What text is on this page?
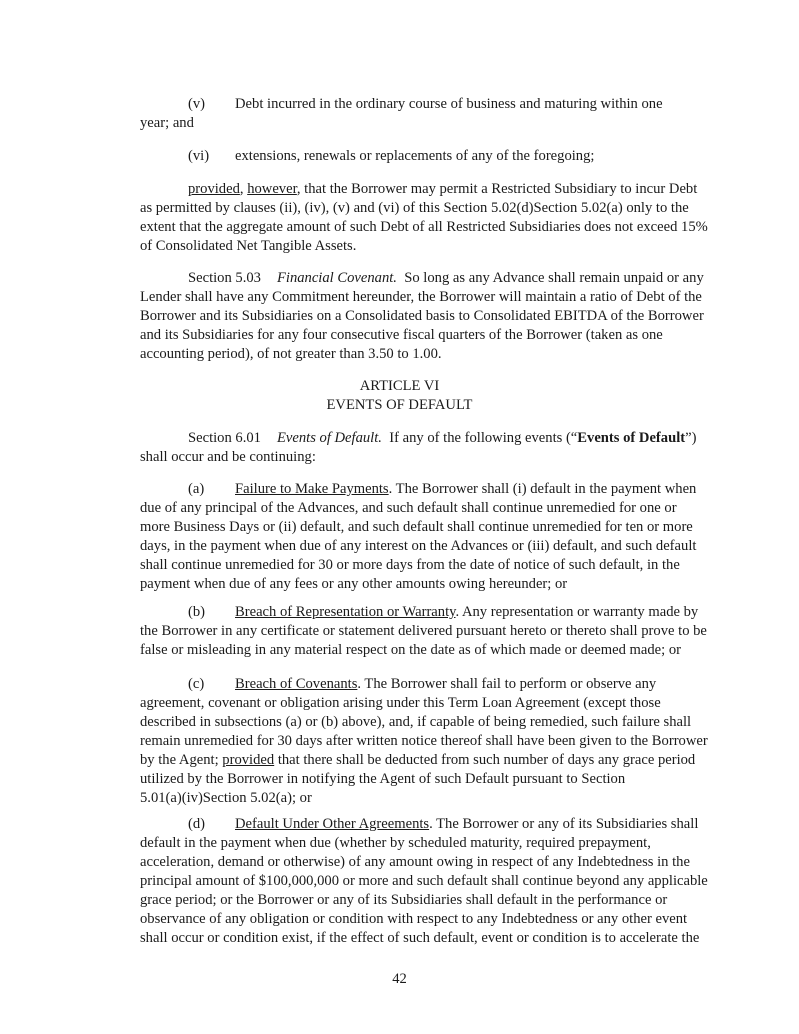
(v) Debt incurred in the ordinary course of business and maturing within one
year; and
(vi) extensions, renewals or replacements of any of the foregoing;
provided, however, that the Borrower may permit a Restricted Subsidiary to incur Debt
as permitted by clauses (ii), (iv), (v) and (vi) of this Section 5.02(d)Section 5.02(a) only to the
extent that the aggregate amount of such Debt of all Restricted Subsidiaries does not exceed 15%
of Consolidated Net Tangible Assets.
Section 5.03 Financial Covenant. So long as any Advance shall remain unpaid or any
Lender shall have any Commitment hereunder, the Borrower will maintain a ratio of Debt of the
Borrower and its Subsidiaries on a Consolidated basis to Consolidated EBITDA of the Borrower
and its Subsidiaries for any four consecutive fiscal quarters of the Borrower (taken as one
accounting period), of not greater than 3.50 to 1.00.
ARTICLE VI
EVENTS OF DEFAULT
Section 6.01 Events of Default. If any of the following events (“Events of Default”)
shall occur and be continuing:
(a) Failure to Make Payments. The Borrower shall (i) default in the payment when
due of any principal of the Advances, and such default shall continue unremedied for one or
more Business Days or (ii) default, and such default shall continue unremedied for ten or more
days, in the payment when due of any interest on the Advances or (iii) default, and such default
shall continue unremedied for 30 or more days from the date of notice of such default, in the
payment when due of any fees or any other amounts owing hereunder; or
(b) Breach of Representation or Warranty. Any representation or warranty made by
the Borrower in any certificate or statement delivered pursuant hereto or thereto shall prove to be
false or misleading in any material respect on the date as of which made or deemed made; or
(c) Breach of Covenants. The Borrower shall fail to perform or observe any
agreement, covenant or obligation arising under this Term Loan Agreement (except those
described in subsections (a) or (b) above), and, if capable of being remedied, such failure shall
remain unremedied for 30 days after written notice thereof shall have been given to the Borrower
by the Agent; provided that there shall be deducted from such number of days any grace period
utilized by the Borrower in notifying the Agent of such Default pursuant to Section
5.01(a)(iv)Section 5.02(a); or
(d) Default Under Other Agreements. The Borrower or any of its Subsidiaries shall
default in the payment when due (whether by scheduled maturity, required prepayment,
acceleration, demand or otherwise) of any amount owing in respect of any Indebtedness in the
principal amount of $100,000,000 or more and such default shall continue beyond any applicable
grace period; or the Borrower or any of its Subsidiaries shall default in the performance or
observance of any obligation or condition with respect to any Indebtedness or any other event
shall occur or condition exist, if the effect of such default, event or condition is to accelerate the
42
